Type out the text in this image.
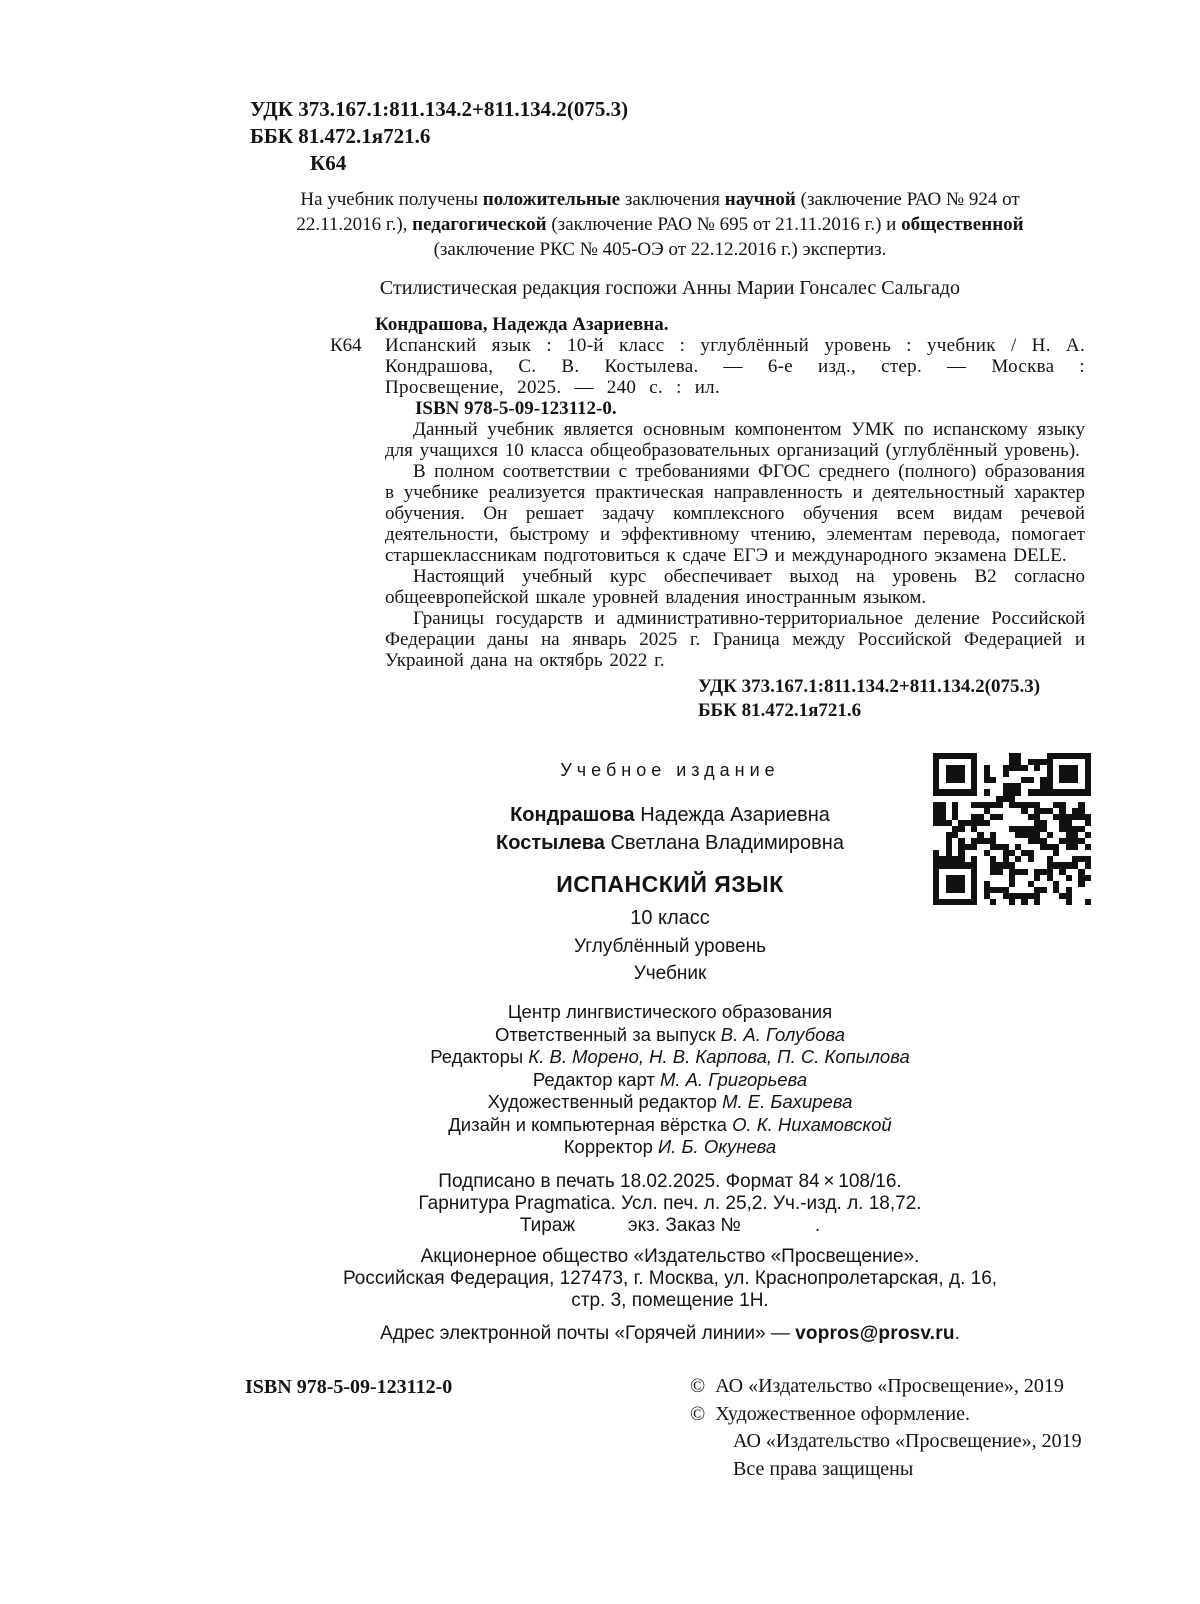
УДК 373.167.1:811.134.2+811.134.2(075.3)
ББК 81.472.1я721.6
К64
На учебник получены положительные заключения научной (заключение РАО № 924 от 22.11.2016 г.), педагогической (заключение РАО № 695 от 21.11.2016 г.) и общественной (заключение РКС № 405-ОЭ от 22.12.2016 г.) экспертиз.
Стилистическая редакция госпожи Анны Марии Гонсалес Сальгадо
Кондрашова, Надежда Азариевна.
К64 Испанский язык : 10-й класс : углублённый уровень : учебник / Н. А. Кондрашова, С. В. Костылева. — 6-е изд., стер. — Москва : Просвещение, 2025. — 240 с. : ил.
ISBN 978-5-09-123112-0.

Данный учебник является основным компонентом УМК по испанскому языку для учащихся 10 класса общеобразовательных организаций (углублённый уровень).

В полном соответствии с требованиями ФГОС среднего (полного) образования в учебнике реализуется практическая направленность и деятельностный характер обучения. Он решает задачу комплексного обучения всем видам речевой деятельности, быстрому и эффективному чтению, элементам перевода, помогает старшеклассникам подготовиться к сдаче ЕГЭ и международного экзамена DELE.

Настоящий учебный курс обеспечивает выход на уровень В2 согласно общеевропейской шкале уровней владения иностранным языком.

Границы государств и административно-территориальное деление Российской Федерации даны на январь 2025 г. Граница между Российской Федерацией и Украиной дана на октябрь 2022 г.

УДК 373.167.1:811.134.2+811.134.2(075.3)
ББК 81.472.1я721.6
Учебное издание
Кондрашова Надежда Азариевна
Костылева Светлана Владимировна
ИСПАНСКИЙ ЯЗЫК
10 класс
Углублённый уровень
Учебник
Центр лингвистического образования
Ответственный за выпуск В. А. Голубова
Редакторы К. В. Морено, Н. В. Карпова, П. С. Копылова
Редактор карт М. А. Григорьева
Художественный редактор М. Е. Бахирева
Дизайн и компьютерная вёрстка О. К. Нихамовской
Корректор И. Б. Окунева
Подписано в печать 18.02.2025. Формат 84 × 108/16.
Гарнитура Pragmatica. Усл. печ. л. 25,2. Уч.-изд. л. 18,72.
Тираж          экз. Заказ №              .
Акционерное общество «Издательство «Просвещение».
Российская Федерация, 127473, г. Москва, ул. Краснопролетарская, д. 16,
стр. 3, помещение 1Н.
Адрес электронной почты «Горячей линии» — vopros@prosv.ru.
ISBN 978-5-09-123112-0	©  АО «Издательство «Просвещение», 2019
©  Художественное оформление.
АО «Издательство «Просвещение», 2019
Все права защищены
